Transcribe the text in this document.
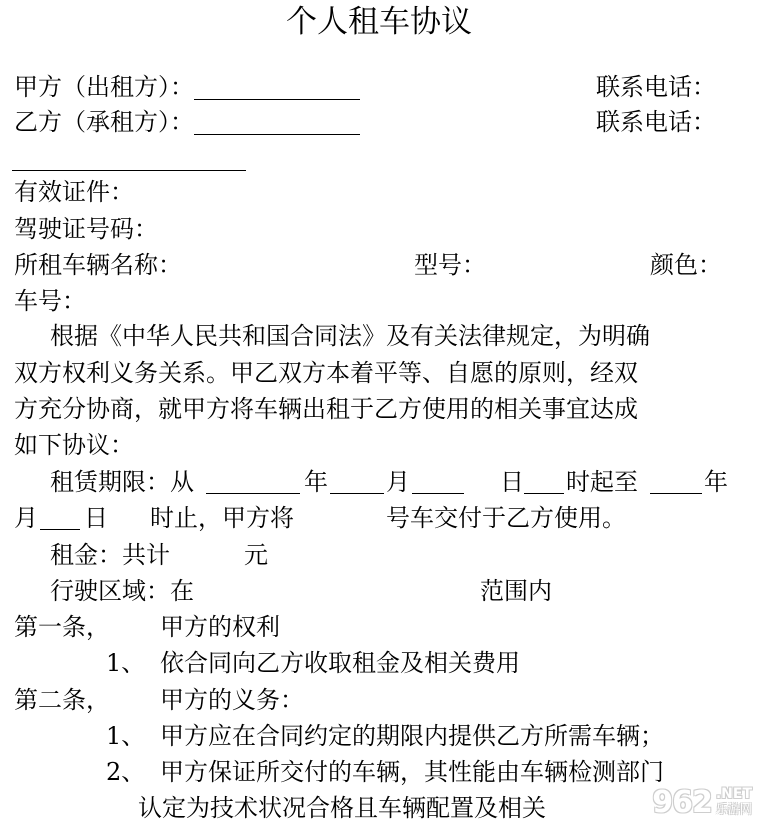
个人租车协议
甲方（出租方）：	联系电话：
乙方（承租方）：	联系电话：
有效证件：
驾驶证号码：
所租车辆名称：	型号：	颜色：
车号：
根据《中华人民共和国合同法》及有关法律规定，为明确
双方权利义务关系。甲乙双方本着平等、自愿的原则，经双
方充分协商，就甲方将车辆出租于乙方使用的相关事宜达成
如下协议：
租赁期限：从	年 月	日 时起至	年
月 日 时止，甲方将	号车交付于乙方使用。
租金：共计	元
行驶区域：在	范围内
第一条， 甲方的权利
1、 依合同向乙方收取租金及相关费用
第二条， 甲方的义务：
1、 甲方应在合同约定的期限内提供乙方所需车辆；
2、 甲方保证所交付的车辆，其性能由车辆检测部门
认定为技术状况合格且车辆配置及相关	962 .NET
乐游网
